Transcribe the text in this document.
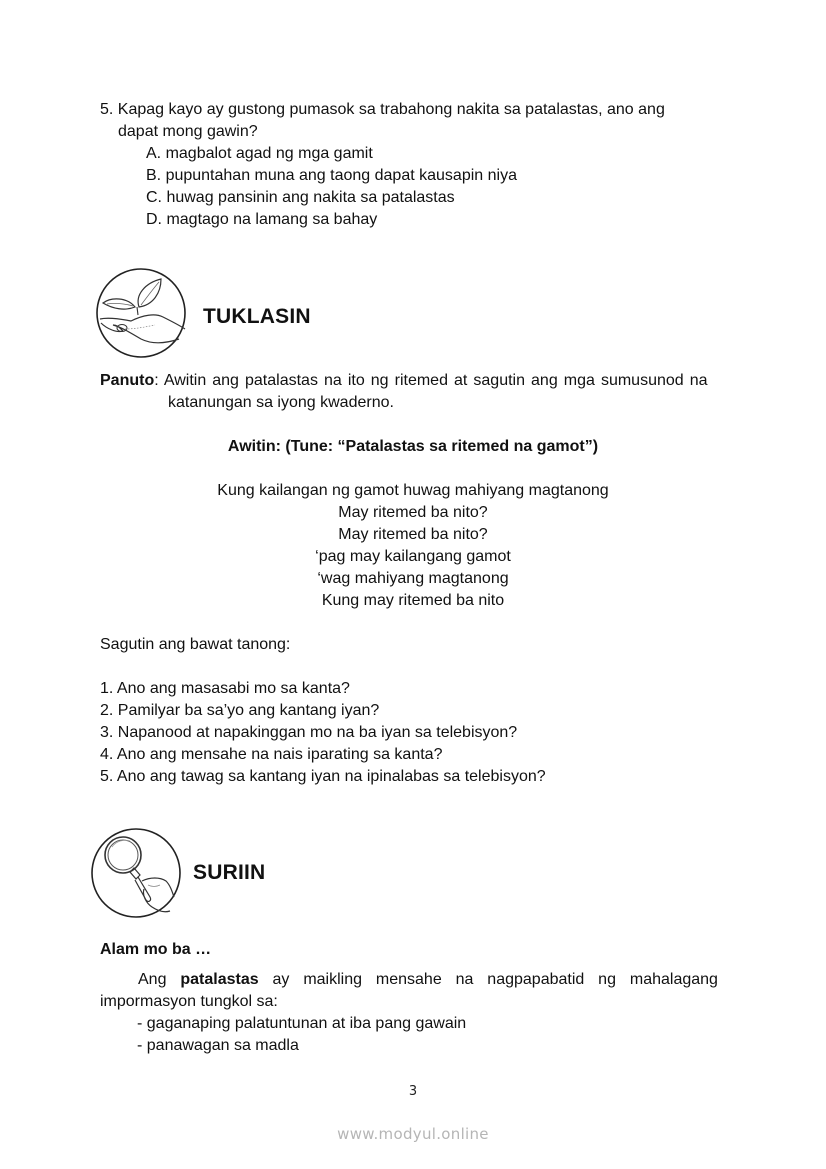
5. Kapag kayo ay gustong pumasok sa trabahong nakita sa patalastas, ano ang
dapat mong gawin?
A. magbalot agad ng mga gamit
B. pupuntahan muna ang taong dapat kausapin niya
C. huwag pansinin ang nakita sa patalastas
D. magtago na lamang sa bahay
TUKLASIN
Panuto: Awitin ang patalastas na ito ng ritemed at sagutin ang mga sumusunod na
katanungan sa iyong kwaderno.
Awitin: (Tune: “Patalastas sa ritemed na gamot”)
Kung kailangan ng gamot huwag mahiyang magtanong
May ritemed ba nito?
May ritemed ba nito?
‘pag may kailangang gamot
‘wag mahiyang magtanong
Kung may ritemed ba nito
Sagutin ang bawat tanong:
1. Ano ang masasabi mo sa kanta?
2. Pamilyar ba sa’yo ang kantang iyan?
3. Napanood at napakinggan mo na ba iyan sa telebisyon?
4. Ano ang mensahe na nais iparating sa kanta?
5. Ano ang tawag sa kantang iyan na ipinalabas sa telebisyon?
SURIIN
Alam mo ba …
Ang patalastas ay maikling mensahe na nagpapabatid ng mahalagang
impormasyon tungkol sa:
- gaganaping palatuntunan at iba pang gawain
- panawagan sa madla
3
www.modyul.online
